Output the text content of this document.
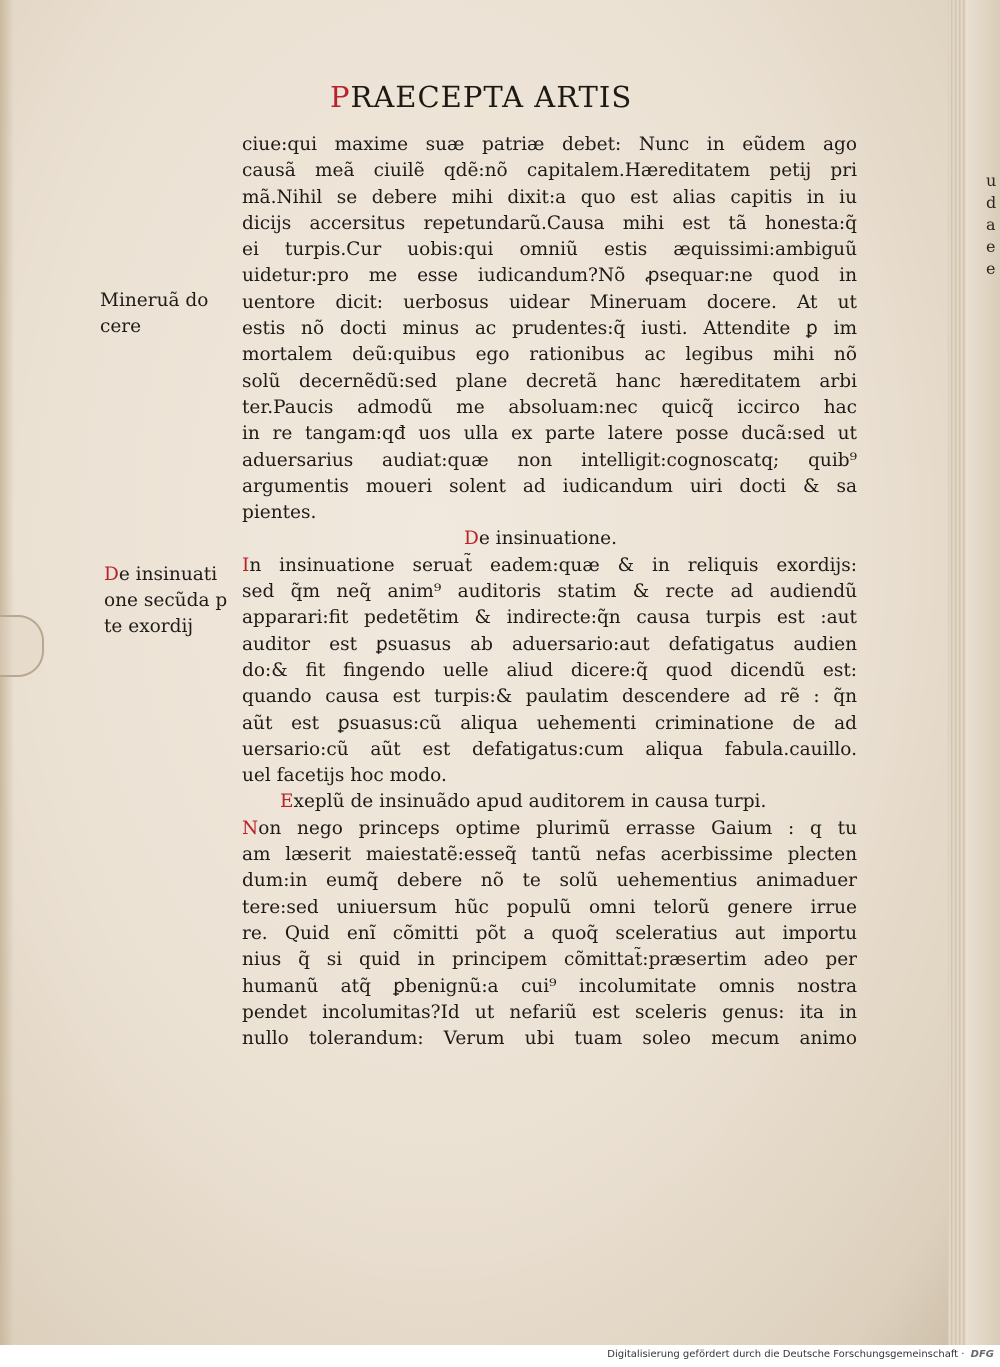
PRAECEPTA ARTIS
Mineruã do
cere
De insinuati
one secũda p
te exordij
ciue:qui maxime suæ patriæ debet: Nunc in eũdem ago
causã meã ciuilẽ qdẽ:nõ capitalem.Hæreditatem petij pri
mã.Nihil se debere mihi dixit:a quo est alias capitis in iu
dicijs accersitus repetundarũ.Causa mihi est tã honesta:q̃
ei turpis.Cur uobis:qui omniũ estis æquissimi:ambiguũ
uidetur:pro me esse iudicandum?Nõ ꝓsequar:ne quod in
uentore dicit: uerbosus uidear Mineruam docere. At ut
estis nõ docti minus ac prudentes:q̃ iusti. Attendite ꝑ im
mortalem deũ:quibus ego rationibus ac legibus mihi nõ
solũ decernẽdũ:sed plane decretã hanc hæreditatem arbi
ter.Paucis admodũ me absoluam:nec quicq̃ iccirco hac
in re tangam:qđ uos ulla ex parte latere posse ducã:sed ut
aduersarius audiat:quæ non intelligit:cognoscatq; quib⁹
argumentis moueri solent ad iudicandum uiri docti & sa
pientes.
De insinuatione.
In insinuatione seruat̃ eadem:quæ & in reliquis exordijs:
sed q̃m neq̃ anim⁹ auditoris statim & recte ad audiendũ
apparari:fit pedetẽtim & indirecte:q̃n causa turpis est :aut
auditor est ꝑsuasus ab aduersario:aut defatigatus audien
do:& fit fingendo uelle aliud dicere:q̃ quod dicendũ est:
quando causa est turpis:& paulatim descendere ad rẽ : q̃n
aũt est ꝑsuasus:cũ aliqua uehementi criminatione de ad
uersario:cũ aũt est defatigatus:cum aliqua fabula.cauillo.
uel facetijs hoc modo.
Exeplũ de insinuãdo apud auditorem in causa turpi.
Non nego princeps optime plurimũ errasse Gaium : q tu
am læserit maiestatẽ:esseq̃ tantũ nefas acerbissime plecten
dum:in eumq̃ debere nõ te solũ uehementius animaduer
tere:sed uniuersum hũc populũ omni telorũ genere irrue
re. Quid enĩ cõmitti põt a quoq̃ sceleratius aut importu
nius q̃ si quid in principem cõmittat̃:præsertim adeo per
humanũ atq̃ ꝑbenignũ:a cui⁹ incolumitate omnis nostra
pendet incolumitas?Id ut nefariũ est sceleris genus: ita in
nullo tolerandum: Verum ubi tuam soleo mecum animo
u
d
a
e
e
Digitalisierung gefördert durch die Deutsche Forschungsgemeinschaft · DFG
